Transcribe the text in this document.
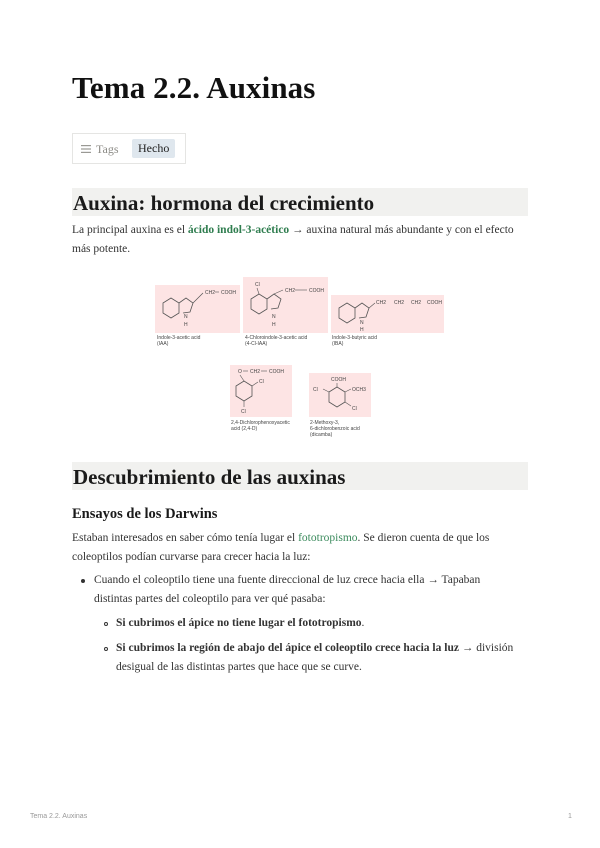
Tema 2.2. Auxinas
Tags	Hecho
Auxina: hormona del crecimiento

La principal auxina es el ácido indol-3-acético → auxina natural más abundante y con el efecto más potente.

CH2 COOH
N
H
Indole-3-acetic acid
(IAA)
Cl
CH2	COOH
N
H
4-Chloroindole-3-acetic acid
(4-Cl-IAA)
CH2 CH2 CH2 COOH
N
H
Indole-3-butyric acid
(IBA)
O CH2 COOH
Cl
Cl
2,4-Dichlorophenoxyacetic
acid (2,4-D)
COOH
Cl	OCH3
Cl
2-Methoxy-3,
6-dichlorobenzoic acid
(dicamba)
Descubrimiento de las auxinas
Ensayos de los Darwins

Estaban interesados en saber cómo tenía lugar el fototropismo. Se dieron cuenta de que los coleoptilos podían curvarse para crecer hacia la luz:

Cuando el coleoptilo tiene una fuente direccional de luz crece hacia ella → Tapaban distintas partes del coleoptilo para ver qué pasaba:

Si cubrimos el ápice no tiene lugar el fototropismo.

Si cubrimos la región de abajo del ápice el coleoptilo crece hacia la luz → división desigual de las distintas partes que hace que se curve.

Tema 2.2. Auxinas	1
